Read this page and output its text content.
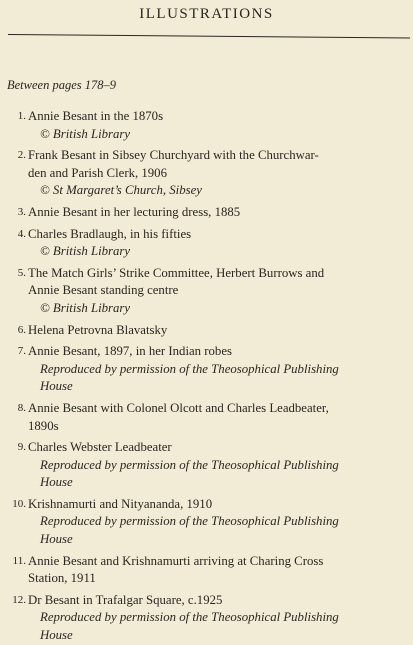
ILLUSTRATIONS
Between pages 178–9
1. Annie Besant in the 1870s
© British Library
2. Frank Besant in Sibsey Churchyard with the Churchwar-
den and Parish Clerk, 1906
© St Margaret’s Church, Sibsey
3. Annie Besant in her lecturing dress, 1885
4. Charles Bradlaugh, in his fifties
© British Library
5. The Match Girls’ Strike Committee, Herbert Burrows and
Annie Besant standing centre
© British Library
6. Helena Petrovna Blavatsky
7. Annie Besant, 1897, in her Indian robes
Reproduced by permission of the Theosophical Publishing
House
8. Annie Besant with Colonel Olcott and Charles Leadbeater,
1890s
9. Charles Webster Leadbeater
Reproduced by permission of the Theosophical Publishing
House
10. Krishnamurti and Nityananda, 1910
Reproduced by permission of the Theosophical Publishing
House
11. Annie Besant and Krishnamurti arriving at Charing Cross
Station, 1911
12. Dr Besant in Trafalgar Square, c.1925
Reproduced by permission of the Theosophical Publishing
House
